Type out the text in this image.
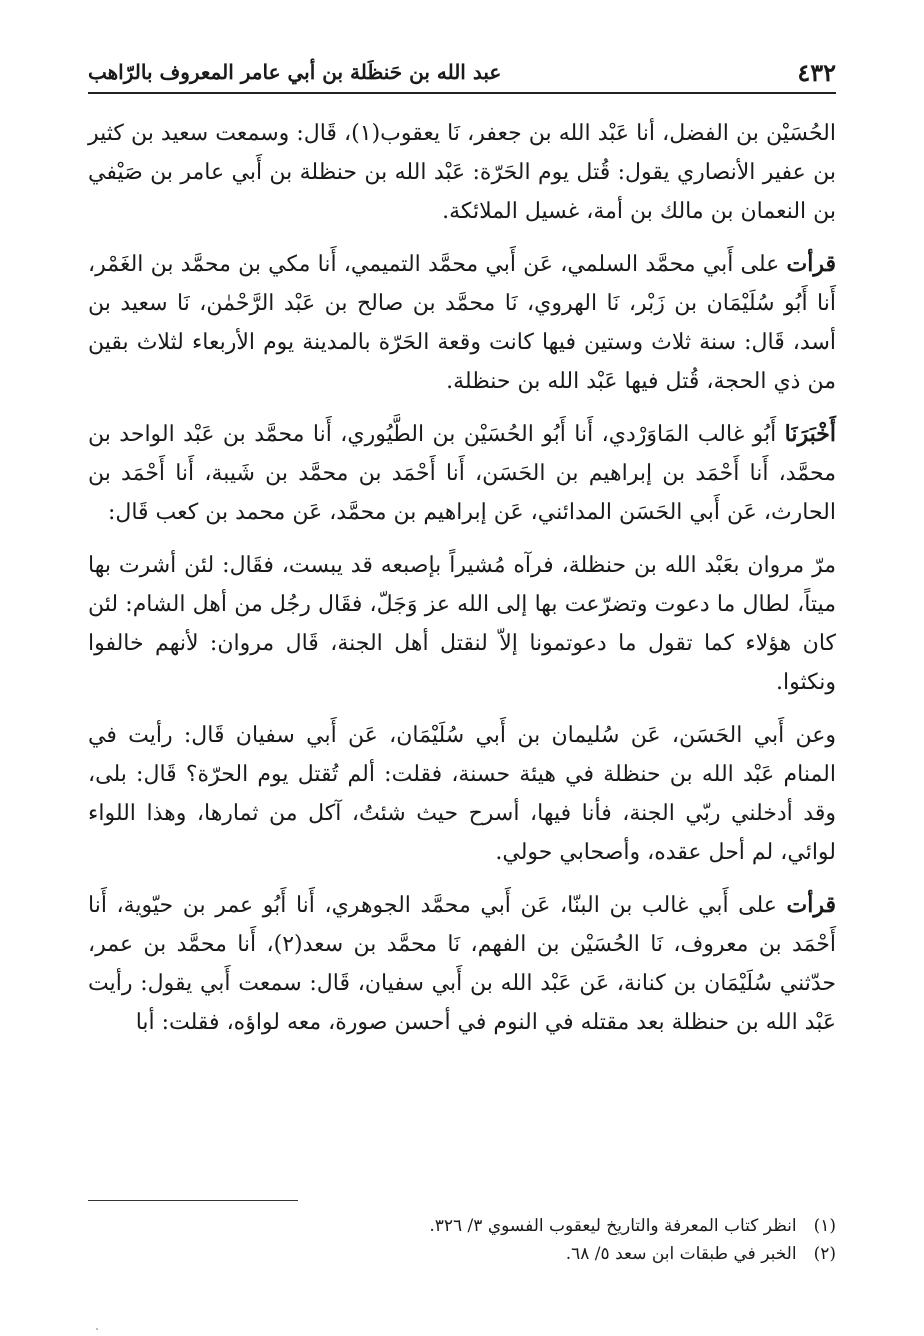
٤٣٢
عبد الله بن حَنظَلة بن أبي عامر المعروف بالرّاهب

الحُسَيْن بن الفضل، أنا عَبْد الله بن جعفر، نَا يعقوب(١)، قَال: وسمعت سعيد بن كثير بن عفير الأنصاري يقول: قُتل يوم الحَرّة: عَبْد الله بن حنظلة بن أَبي عامر بن صَيْفي بن النعمان بن مالك بن أمة، غسيل الملائكة.

قرأت على أَبي محمَّد السلمي، عَن أَبي محمَّد التميمي، أَنا مكي بن محمَّد بن الغَمْر، أَنا أَبُو سُلَيْمَان بن زَبْر، نَا الهروي، نَا محمَّد بن صالح بن عَبْد الرَّحْمٰن، نَا سعيد بن أسد، قَال: سنة ثلاث وستين فيها كانت وقعة الحَرّة بالمدينة يوم الأربعاء لثلاث بقين من ذي الحجة، قُتل فيها عَبْد الله بن حنظلة.

أَخْبَرَنَا أَبُو غالب المَاوَرْدي، أَنا أَبُو الحُسَيْن بن الطَّيُوري، أَنا محمَّد بن عَبْد الواحد بن محمَّد، أَنا أَحْمَد بن إبراهيم بن الحَسَن، أَنا أَحْمَد بن محمَّد بن شَيبة، أَنا أَحْمَد بن الحارث، عَن أَبي الحَسَن المدائني، عَن إبراهيم بن محمَّد، عَن محمد بن كعب قَال:

مرّ مروان بعَبْد الله بن حنظلة، فرآه مُشيراً بإصبعه قد يبست، فقَال: لئن أشرت بها ميتاً، لطال ما دعوت وتضرّعت بها إلى الله عز وَجَلّ، فقَال رجُل من أهل الشام: لئن كان هؤلاء كما تقول ما دعوتمونا إلاّ لنقتل أهل الجنة، قَال مروان: لأنهم خالفوا ونكثوا.

وعن أَبي الحَسَن، عَن سُليمان بن أَبي سُلَيْمَان، عَن أَبي سفيان قَال: رأيت في المنام عَبْد الله بن حنظلة في هيئة حسنة، فقلت: ألم تُقتل يوم الحرّة؟ قَال: بلى، وقد أدخلني ربّي الجنة، فأنا فيها، أسرح حيث شئتُ، آكل من ثمارها، وهذا اللواء لوائي، لم أحل عقده، وأصحابي حولي.

قرأت على أَبي غالب بن البنّا، عَن أَبي محمَّد الجوهري، أَنا أَبُو عمر بن حيّوية، أَنا أَحْمَد بن معروف، نَا الحُسَيْن بن الفهم، نَا محمَّد بن سعد(٢)، أَنا محمَّد بن عمر، حدّثني سُلَيْمَان بن كنانة، عَن عَبْد الله بن أَبي سفيان، قَال: سمعت أَبي يقول: رأيت عَبْد الله بن حنظلة بعد مقتله في النوم في أحسن صورة، معه لواؤه، فقلت: أبا

(١) انظر كتاب المعرفة والتاريخ ليعقوب الفسوي ٣/ ٣٢٦.
(٢) الخبر في طبقات ابن سعد ٥/ ٦٨.
